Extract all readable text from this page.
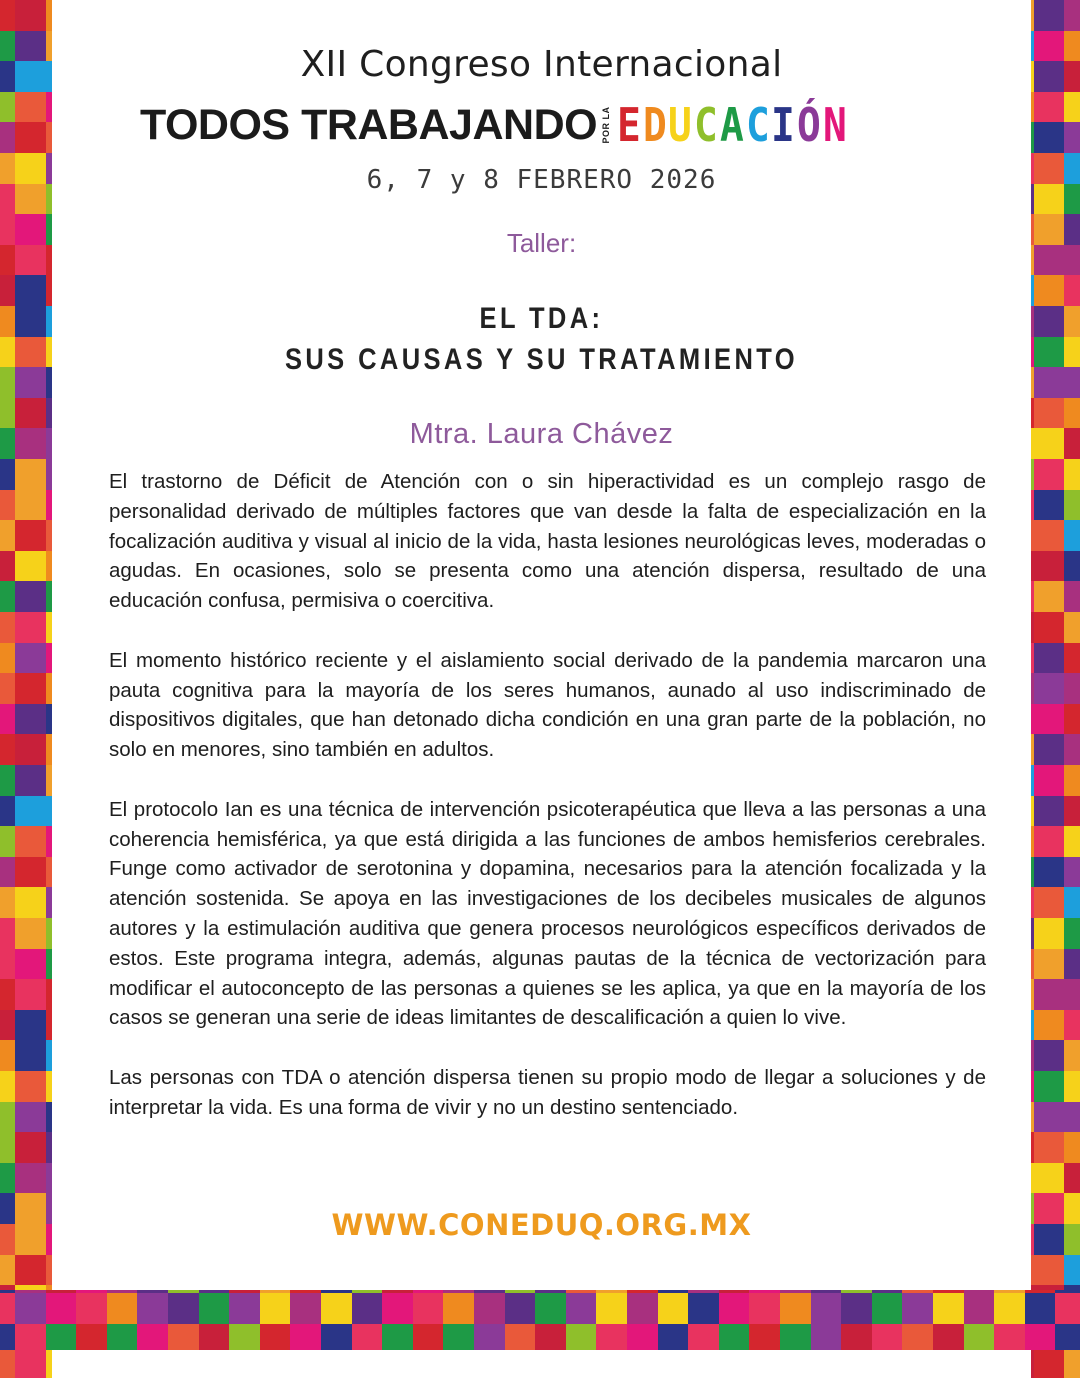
XII Congreso Internacional
TODOS TRABAJANDO POR LA E D U C A C I Ó N
6, 7 y 8 FEBRERO 2026
Taller:
EL TDA:
SUS CAUSAS Y SU TRATAMIENTO
Mtra. Laura Chávez

El trastorno de Déficit de Atención con o sin hiperactividad es un complejo rasgo de personalidad derivado de múltiples factores que van desde la falta de especialización en la focalización auditiva y visual al inicio de la vida, hasta lesiones neurológicas leves, moderadas o agudas. En ocasiones, solo se presenta como una atención dispersa, resultado de una educación confusa, permisiva o coercitiva.

El momento histórico reciente y el aislamiento social derivado de la pandemia marcaron una pauta cognitiva para la mayoría de los seres humanos, aunado al uso indiscriminado de dispositivos digitales, que han detonado dicha condición en una gran parte de la población, no solo en menores, sino también en adultos.

El protocolo Ian es una técnica de intervención psicoterapéutica que lleva a las personas a una coherencia hemisférica, ya que está dirigida a las funciones de ambos hemisferios cerebrales. Funge como activador de serotonina y dopamina, necesarios para la atención focalizada y la atención sostenida. Se apoya en las investigaciones de los decibeles musicales de algunos autores y la estimulación auditiva que genera procesos neurológicos específicos derivados de estos. Este programa integra, además, algunas pautas de la técnica de vectorización para modificar el autoconcepto de las personas a quienes se les aplica, ya que en la mayoría de los casos se generan una serie de ideas limitantes de descalificación a quien lo vive.

Las personas con TDA o atención dispersa tienen su propio modo de llegar a soluciones y de interpretar la vida. Es una forma de vivir y no un destino sentenciado.

WWW.CONEDUQ.ORG.MX
